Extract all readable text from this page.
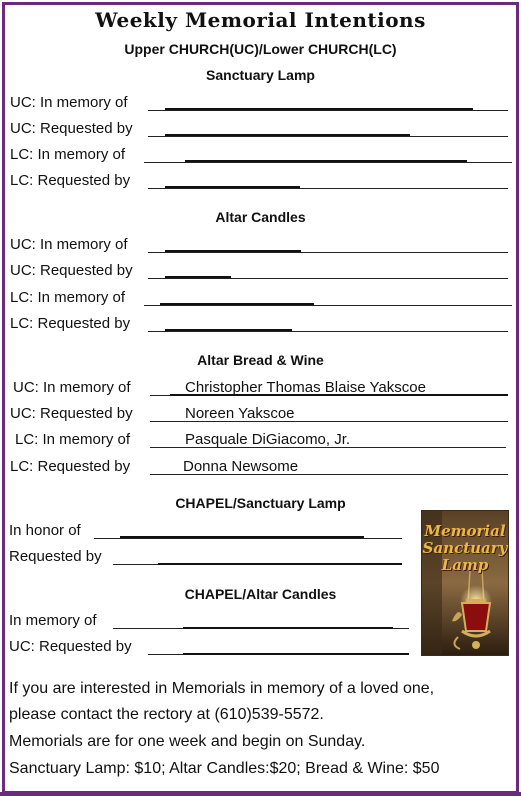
Weekly Memorial Intentions
Upper CHURCH(UC)/Lower CHURCH(LC)
Sanctuary Lamp
UC: In memory of
UC: Requested by
LC: In memory of
LC: Requested by
Altar Candles
UC: In memory of
UC: Requested by
LC: In memory of
LC: Requested by
Altar Bread & Wine
UC: In memory of	Christopher Thomas Blaise Yakscoe
UC: Requested by	Noreen Yakscoe
LC: In memory of	Pasquale DiGiacomo, Jr.
LC: Requested by	Donna Newsome
CHAPEL/Sanctuary Lamp
In honor of
Requested by
CHAPEL/Altar Candles
In memory of
UC: Requested by
Memorial
Sanctuary
Lamp
If you are interested in Memorials in memory of a loved one,
please contact the rectory at (610)539-5572.
Memorials are for one week and begin on Sunday.
Sanctuary Lamp: $10; Altar Candles:$20; Bread & Wine: $50
